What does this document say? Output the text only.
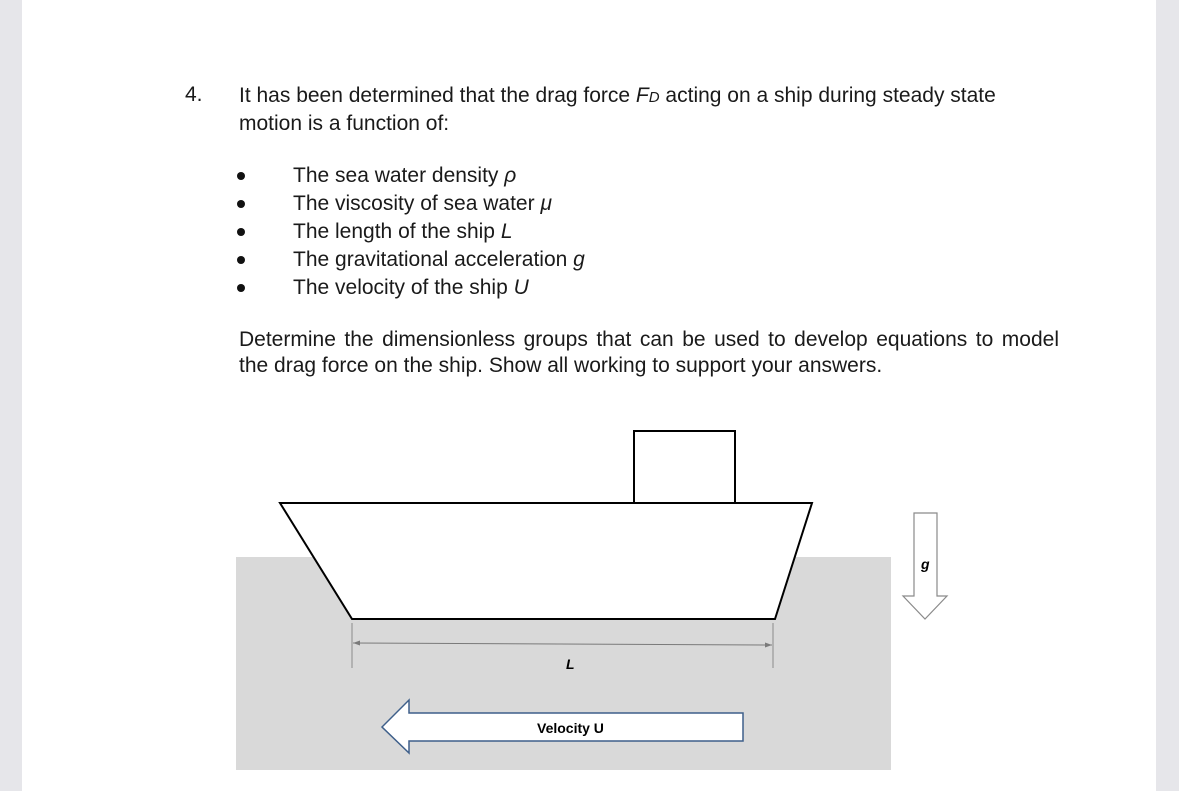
4. It has been determined that the drag force FD acting on a ship during steady state motion is a function of:
The sea water density ρ
The viscosity of sea water μ
The length of the ship L
The gravitational acceleration g
The velocity of the ship U
Determine the dimensionless groups that can be used to develop equations to model the drag force on the ship. Show all working to support your answers.
L
g
Velocity U
